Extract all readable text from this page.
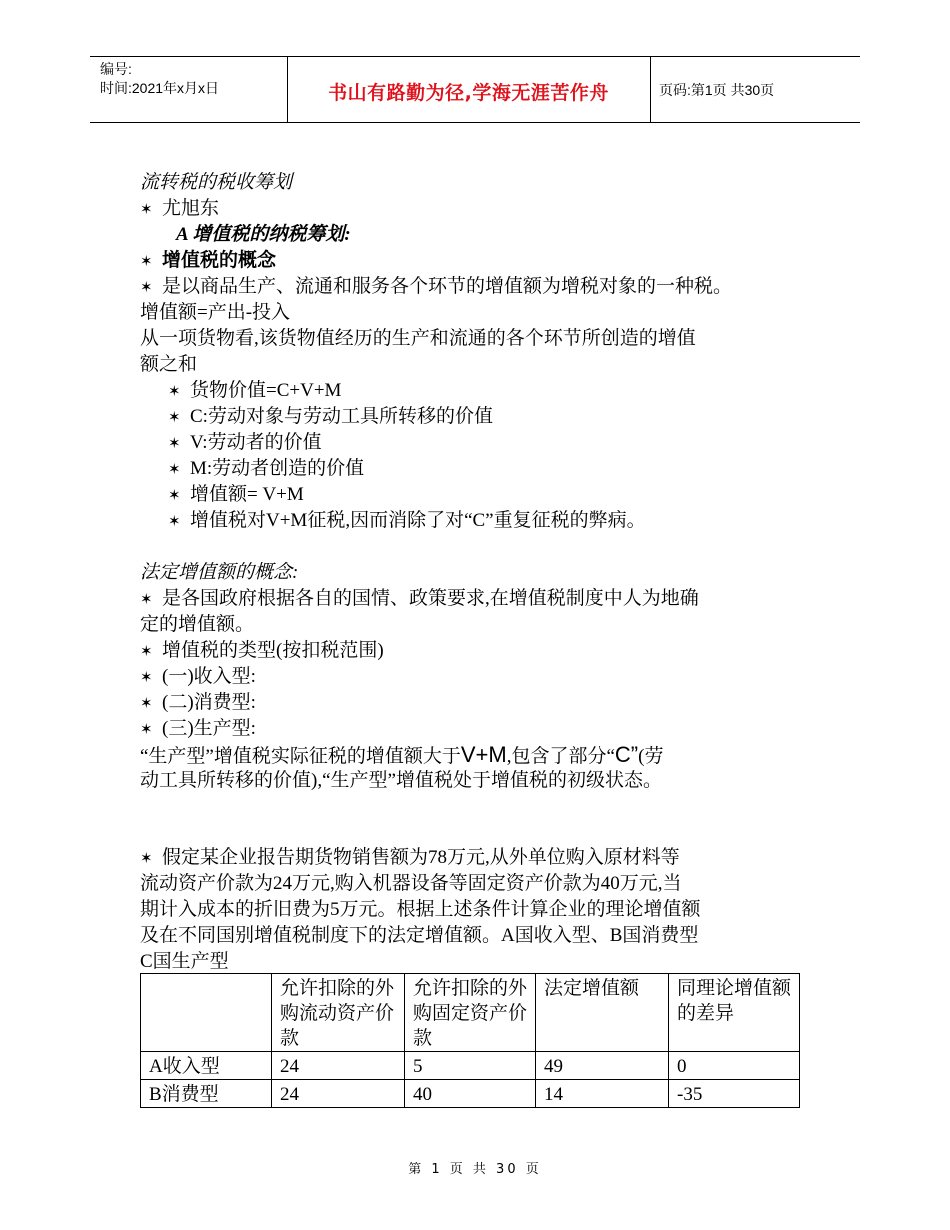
编号:
时间:2021年x月x日	书山有路勤为径,学海无涯苦作舟	页码:第1页 共30页
流转税的税收筹划
✶ 尤旭东
A 增值税的纳税筹划:
✶ 增值税的概念
✶ 是以商品生产、流通和服务各个环节的增值额为增税对象的一种税。
增值额=产出-投入
从一项货物看,该货物值经历的生产和流通的各个环节所创造的增值
额之和
✶ 货物价值=C+V+M
✶ C:劳动对象与劳动工具所转移的价值
✶ V:劳动者的价值
✶ M:劳动者创造的价值
✶ 增值额= V+M
✶ 增值税对V+M征税,因而消除了对“C”重复征税的弊病。
法定增值额的概念:
✶ 是各国政府根据各自的国情、政策要求,在增值税制度中人为地确
定的增值额。
✶ 增值税的类型(按扣税范围)
✶ (一)收入型:
✶ (二)消费型:
✶ (三)生产型:
“生产型”增值税实际征税的增值额大于V+M,包含了部分“C”(劳
动工具所转移的价值),“生产型”增值税处于增值税的初级状态。
✶ 假定某企业报告期货物销售额为78万元,从外单位购入原材料等
流动资产价款为24万元,购入机器设备等固定资产价款为40万元,当
期计入成本的折旧费为5万元。根据上述条件计算企业的理论增值额
及在不同国别增值税制度下的法定增值额。A国收入型、B国消费型
C国生产型
	允许扣除的外购流动资产价款	允许扣除的外购固定资产价款	法定增值额	同理论增值额的差异
A收入型	24	5	49	0
B消费型	24	40	14	-35
第 1 页 共 30 页
